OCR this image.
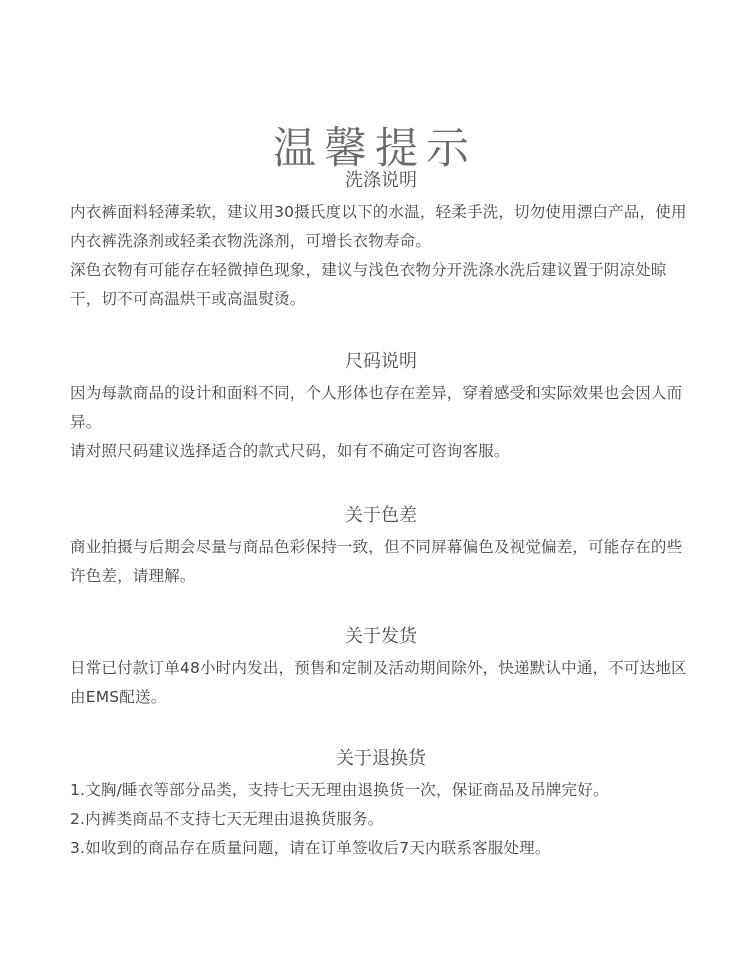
温馨提示
洗涤说明

内衣裤面料轻薄柔软，建议用30摄氏度以下的水温，轻柔手洗，切勿使用漂白产品，使用内衣裤洗涤剂或轻柔衣物洗涤剂，可增长衣物寿命。

深色衣物有可能存在轻微掉色现象，建议与浅色衣物分开洗涤水洗后建议置于阴凉处晾干，切不可高温烘干或高温熨烫。

尺码说明

因为每款商品的设计和面料不同，个人形体也存在差异，穿着感受和实际效果也会因人而异。

请对照尺码建议选择适合的款式尺码，如有不确定可咨询客服。

关于色差

商业拍摄与后期会尽量与商品色彩保持一致，但不同屏幕偏色及视觉偏差，可能存在的些许色差，请理解。

关于发货

日常已付款订单48小时内发出，预售和定制及活动期间除外，快递默认中通，不可达地区由EMS配送。

关于退换货

1.文胸/睡衣等部分品类，支持七天无理由退换货一次，保证商品及吊牌完好。

2.内裤类商品不支持七天无理由退换货服务。

3.如收到的商品存在质量问题，请在订单签收后7天内联系客服处理。
